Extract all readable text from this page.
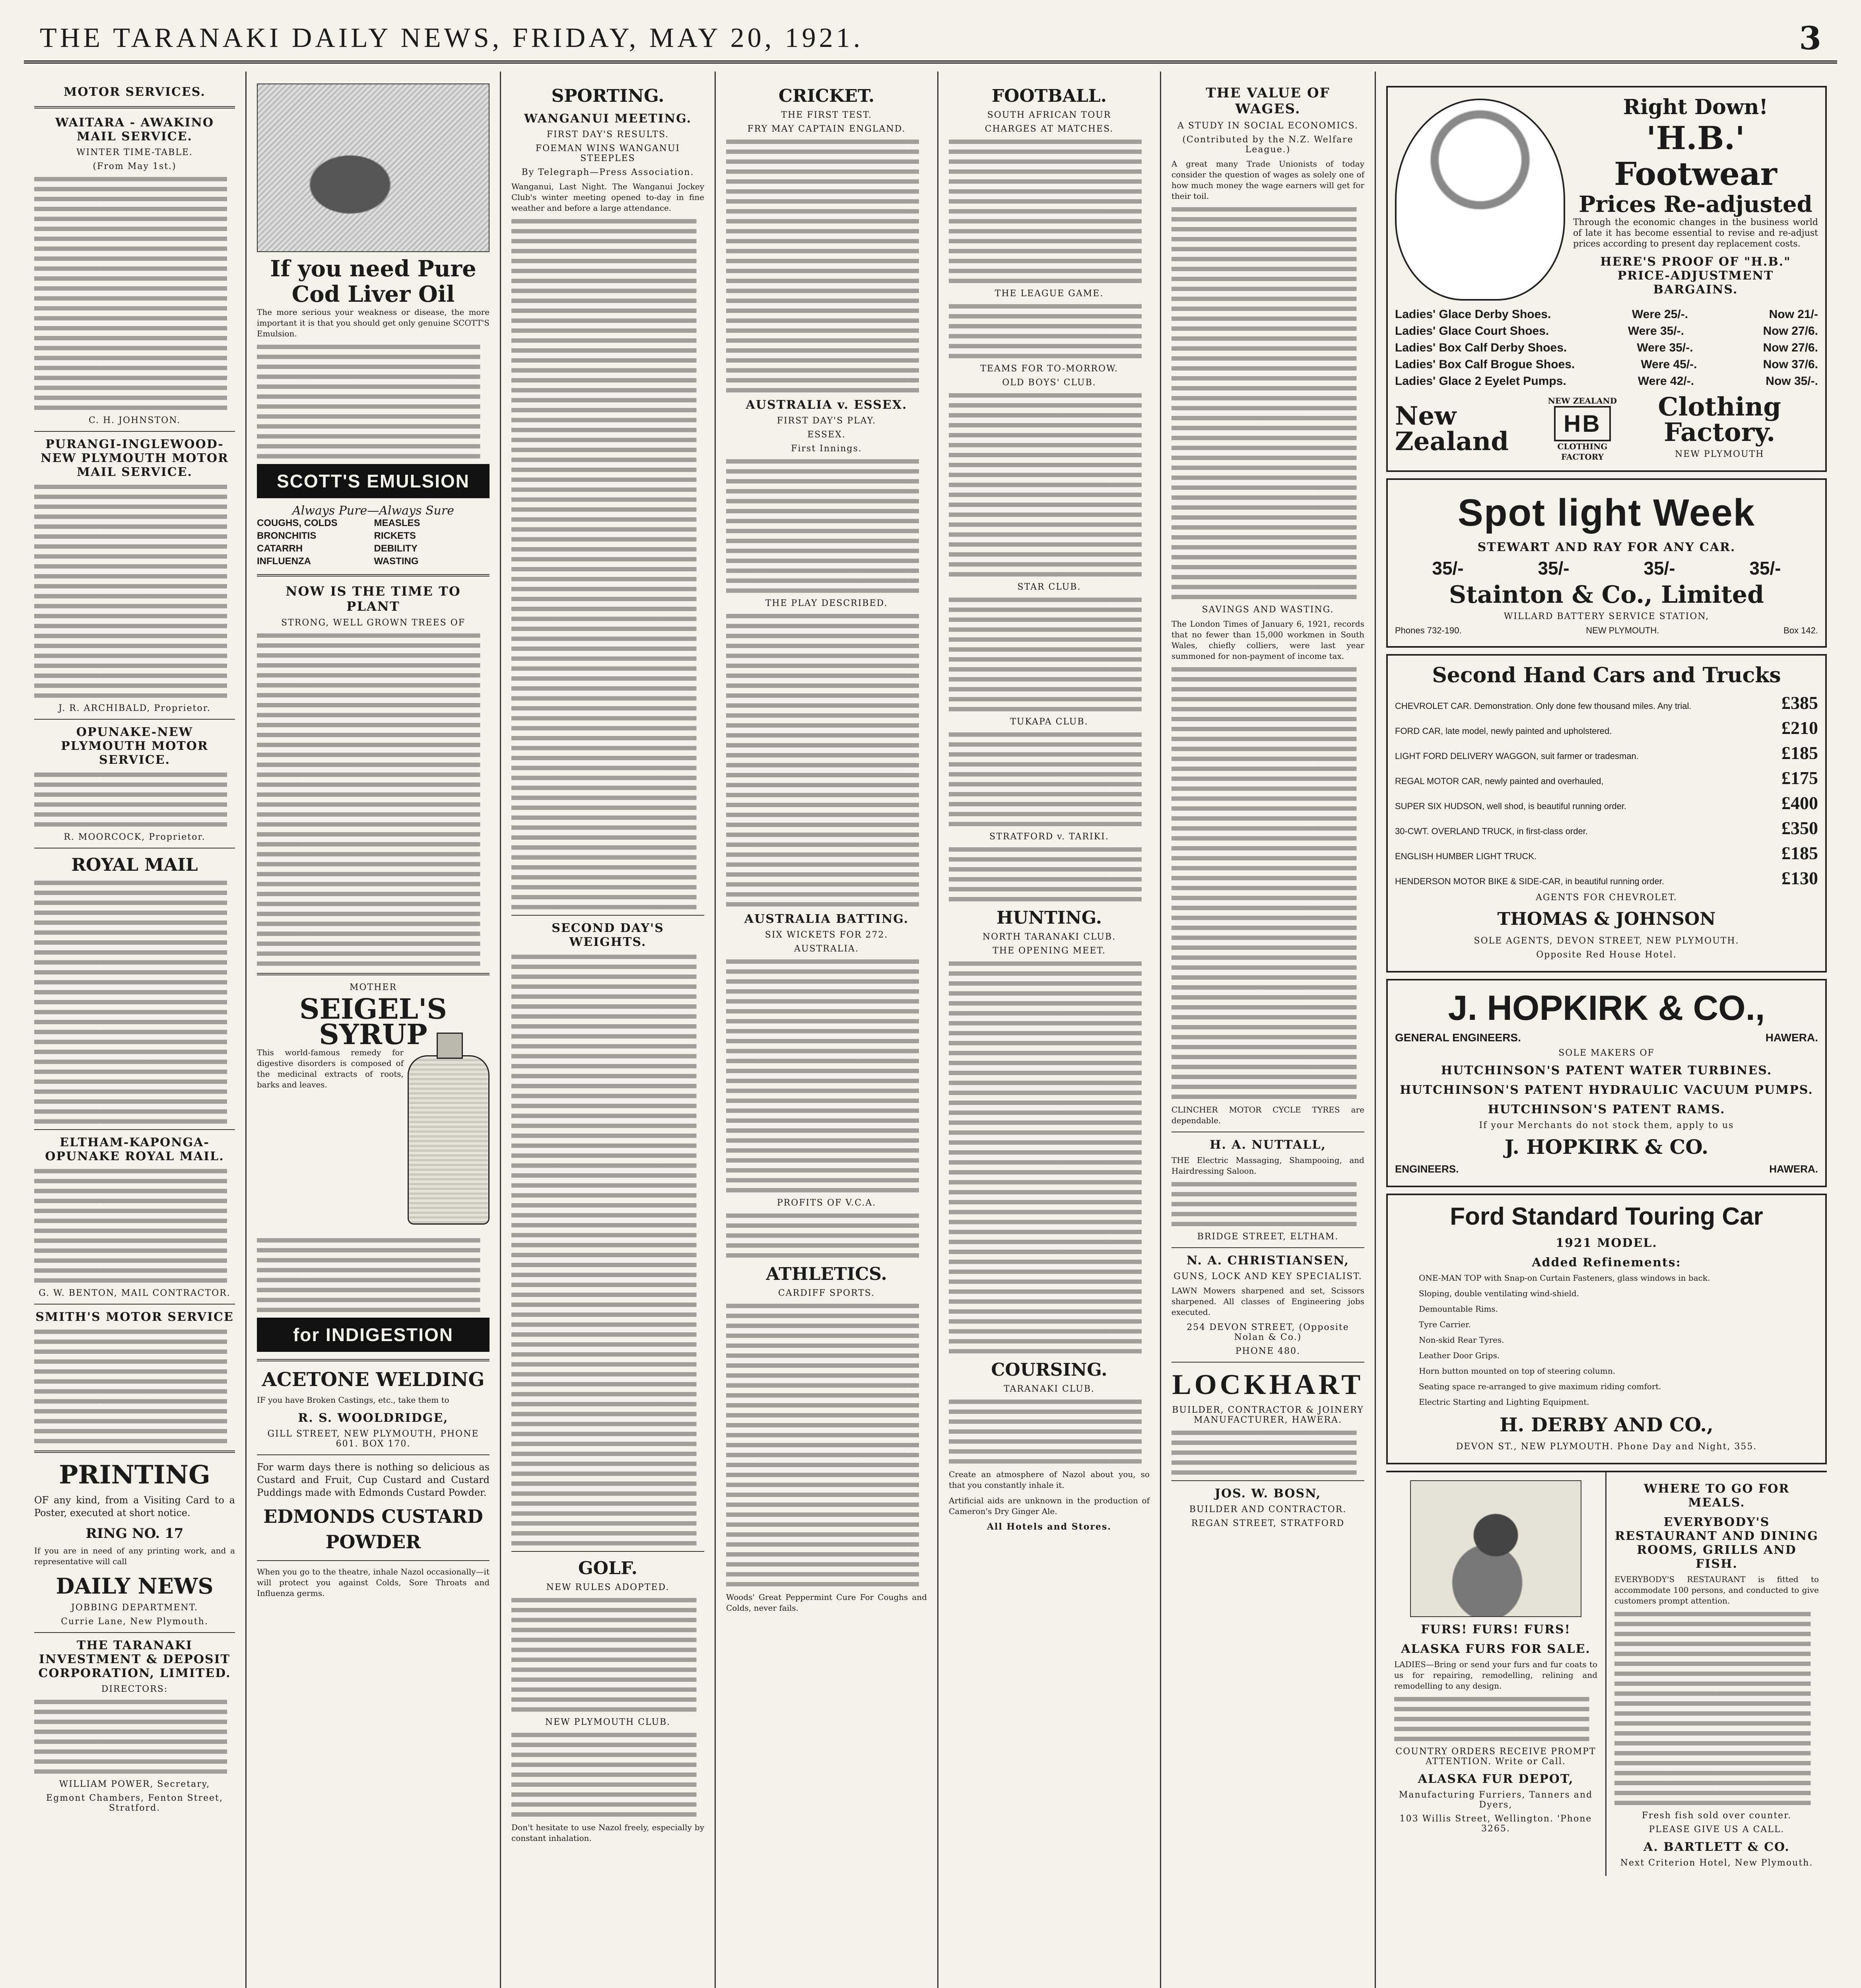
THE TARANAKI DAILY NEWS, FRIDAY, MAY 20, 1921.	3
MOTOR SERVICES.
WAITARA - AWAKINO MAIL SERVICE.
WINTER TIME-TABLE.
(From May 1st.)
C. H. JOHNSTON.
PURANGI-INGLEWOOD-NEW PLYMOUTH MOTOR MAIL SERVICE.
J. R. ARCHIBALD, Proprietor.
OPUNAKE-NEW PLYMOUTH MOTOR SERVICE.
R. MOORCOCK, Proprietor.
ROYAL MAIL
ELTHAM-KAPONGA-OPUNAKE ROYAL MAIL.
G. W. BENTON, MAIL CONTRACTOR.
SMITH'S MOTOR SERVICE
PRINTING

OF any kind, from a Visiting Card to a Poster, executed at short notice.

RING NO. 17

If you are in need of any printing work, and a representative will call

DAILY NEWS
JOBBING DEPARTMENT.
Currie Lane, New Plymouth.
THE TARANAKI INVESTMENT & DEPOSIT CORPORATION, LIMITED.
DIRECTORS:
WILLIAM POWER, Secretary,
Egmont Chambers, Fenton Street, Stratford.
If you need Pure Cod Liver Oil

The more serious your weakness or disease, the more important it is that you should get only genuine SCOTT'S Emulsion.

SCOTT'S EMULSION
Always Pure—Always Sure
COUGHS, COLDS	MEASLES
BRONCHITIS	RICKETS
CATARRH	DEBILITY
INFLUENZA	WASTING
NOW IS THE TIME TO PLANT
STRONG, WELL GROWN TREES OF
MOTHER
SEIGEL'S SYRUP

This world-famous remedy for digestive disorders is composed of the medicinal extracts of roots, barks and leaves.

for INDIGESTION
ACETONE WELDING

IF you have Broken Castings, etc., take them to

R. S. WOOLDRIDGE,
GILL STREET, NEW PLYMOUTH, PHONE 601. BOX 170.

For warm days there is nothing so delicious as Custard and Fruit, Cup Custard and Custard Puddings made with Edmonds Custard Powder.

EDMONDS CUSTARD POWDER

When you go to the theatre, inhale Nazol occasionally—it will protect you against Colds, Sore Throats and Influenza germs.

SPORTING.
WANGANUI MEETING.
FIRST DAY'S RESULTS.
FOEMAN WINS WANGANUI STEEPLES
By Telegraph—Press Association.

Wanganui, Last Night. The Wanganui Jockey Club's winter meeting opened to-day in fine weather and before a large attendance.

SECOND DAY'S WEIGHTS.
GOLF.
NEW RULES ADOPTED.
NEW PLYMOUTH CLUB.

Don't hesitate to use Nazol freely, especially by constant inhalation.

CRICKET.
THE FIRST TEST.
FRY MAY CAPTAIN ENGLAND.
AUSTRALIA v. ESSEX.
FIRST DAY'S PLAY.
ESSEX.
First Innings.
THE PLAY DESCRIBED.
AUSTRALIA BATTING.
SIX WICKETS FOR 272.
AUSTRALIA.
PROFITS OF V.C.A.
ATHLETICS.
CARDIFF SPORTS.

Woods' Great Peppermint Cure For Coughs and Colds, never fails.

FOOTBALL.
SOUTH AFRICAN TOUR
CHARGES AT MATCHES.
THE LEAGUE GAME.
TEAMS FOR TO-MORROW.
OLD BOYS' CLUB.
STAR CLUB.
TUKAPA CLUB.
STRATFORD v. TARIKI.
HUNTING.
NORTH TARANAKI CLUB.
THE OPENING MEET.
COURSING.
TARANAKI CLUB.

Create an atmosphere of Nazol about you, so that you constantly inhale it.

Artificial aids are unknown in the production of Cameron's Dry Ginger Ale.

All Hotels and Stores.
THE VALUE OF WAGES.
A STUDY IN SOCIAL ECONOMICS.
(Contributed by the N.Z. Welfare League.)

A great many Trade Unionists of today consider the question of wages as solely one of how much money the wage earners will get for their toil.

SAVINGS AND WASTING.

The London Times of January 6, 1921, records that no fewer than 15,000 workmen in South Wales, chiefly colliers, were last year summoned for non-payment of income tax.

CLINCHER MOTOR CYCLE TYRES are dependable.

H. A. NUTTALL,

THE Electric Massaging, Shampooing, and Hairdressing Saloon.

BRIDGE STREET, ELTHAM.
N. A. CHRISTIANSEN,
GUNS, LOCK AND KEY SPECIALIST.

LAWN Mowers sharpened and set, Scissors sharpened. All classes of Engineering jobs executed.

254 DEVON STREET, (Opposite Nolan & Co.)
PHONE 480.
LOCKHART
BUILDER, CONTRACTOR & JOINERY MANUFACTURER, HAWERA.
JOS. W. BOSN,
BUILDER AND CONTRACTOR.
REGAN STREET, STRATFORD
Right Down!
'H.B.' Footwear
Prices Re-adjusted

Through the economic changes in the business world of late it has become essential to revise and re-adjust prices according to present day replacement costs.

HERE'S PROOF OF "H.B." PRICE-ADJUSTMENT BARGAINS.
Ladies' Glace Derby Shoes.	Were 25/-.	Now 21/-
Ladies' Glace Court Shoes.	Were 35/-.	Now 27/6.
Ladies' Box Calf Derby Shoes.	Were 35/-.	Now 27/6.
Ladies' Box Calf Brogue Shoes.	Were 45/-.	Now 37/6.
Ladies' Glace 2 Eyelet Pumps.	Were 42/-.	Now 35/-.
New Zealand
NEW ZEALAND
HB
CLOTHING FACTORY
Clothing Factory.
NEW PLYMOUTH
Spot light Week
STEWART AND RAY FOR ANY CAR.
35/-	35/-	35/-	35/-
Stainton & Co., Limited
WILLARD BATTERY SERVICE STATION,
Phones 732-190.	NEW PLYMOUTH.	Box 142.
Second Hand Cars and Trucks
CHEVROLET CAR. Demonstration. Only done few thousand miles. Any trial.	£385
FORD CAR, late model, newly painted and upholstered.	£210
LIGHT FORD DELIVERY WAGGON, suit farmer or tradesman.	£185
REGAL MOTOR CAR, newly painted and overhauled,	£175
SUPER SIX HUDSON, well shod, is beautiful running order.	£400
30-CWT. OVERLAND TRUCK, in first-class order.	£350
ENGLISH HUMBER LIGHT TRUCK.	£185
HENDERSON MOTOR BIKE & SIDE-CAR, in beautiful running order.	£130
AGENTS FOR CHEVROLET.
THOMAS & JOHNSON
SOLE AGENTS, DEVON STREET, NEW PLYMOUTH.
Opposite Red House Hotel.
J. HOPKIRK & CO.,
GENERAL ENGINEERS.	HAWERA.
SOLE MAKERS OF
HUTCHINSON'S PATENT WATER TURBINES.
HUTCHINSON'S PATENT HYDRAULIC VACUUM PUMPS.
HUTCHINSON'S PATENT RAMS.
If your Merchants do not stock them, apply to us
J. HOPKIRK & CO.
ENGINEERS.	HAWERA.
Ford Standard Touring Car
1921 MODEL.
Added Refinements:
ONE-MAN TOP with Snap-on Curtain Fasteners, glass windows in back.
Sloping, double ventilating wind-shield.
Demountable Rims.
Tyre Carrier.
Non-skid Rear Tyres.
Leather Door Grips.
Horn button mounted on top of steering column.
Seating space re-arranged to give maximum riding comfort.
Electric Starting and Lighting Equipment.
H. DERBY AND CO.,
DEVON ST., NEW PLYMOUTH. Phone Day and Night, 355.
FURS! FURS! FURS!
ALASKA FURS FOR SALE.

LADIES—Bring or send your furs and fur coats to us for repairing, remodelling, relining and remodelling to any design.

COUNTRY ORDERS RECEIVE PROMPT ATTENTION. Write or Call.
ALASKA FUR DEPOT,
Manufacturing Furriers, Tanners and Dyers,
103 Willis Street, Wellington. 'Phone 3265.
WHERE TO GO FOR MEALS.
EVERYBODY'S RESTAURANT AND DINING ROOMS, GRILLS AND FISH.

EVERYBODY'S RESTAURANT is fitted to accommodate 100 persons, and conducted to give customers prompt attention.

Fresh fish sold over counter.
PLEASE GIVE US A CALL.
A. BARTLETT & CO.
Next Criterion Hotel, New Plymouth.
